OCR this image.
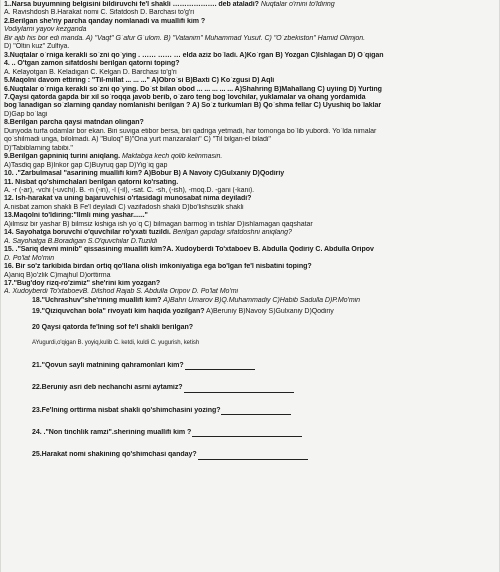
1..Narsa buyumning belgisini bildiruvchi fe'l shakli ………………. deb ataladi? Nuqtalar o'rnini to'ldiring
A. Ravishdosh B.Harakat nomi C. Sifatdosh D. Barchasi to'g'ri
2.Berilgan she'riy parcha qanday nomlanadi va muallifi kim ?
Vodiylarni yayov kezganda
Bir ajib his bor edi manda. A) "Vaqt" G`afur G`ulom. B) "Vatanim" Muhammad Yusuf. C) "O`zbekiston" Hamid Olimjon.
D) "Oltin kuz" Zulfiya.
3.Nuqtalar o`rniga kerakli so`zni qo`ying . …… …… … elda aziz bo`ladi. A)Ko`rgan B) Yozgan C)Ishlagan D) O`qigan
4. .. O'tgan zamon sifatdoshi berilgan qatorni toping?
A. Kelayotgan B. Keladigan C. Kelgan D. Barchasi to'g'ri
5.Maqolni davom ettiring : "Til-millat ... ... ..." A)Obro`si B)Baxti C) Ko`zgusi D) Aqli
6.Nuqtalar o`rniga kerakli so`zni qo`ying. Do`st bilan obod ... ... ... ... ... A)Shahring B)Mahallang C) uyiing D) Yurting
7.Qaysi qatorda gapda bir xil so`roqqa javob berib, o`zaro teng bog`lovchilar, yuklamalar va ohang yordamida
bog`lanadigan so`zlarning qanday nomlanishi berilgan ? A) So`z turkumlari B) Qo`shma fellar C) Uyushiq bo`laklar
D)Gap bo`lagi
8.Berilgan parcha qaysi matndan olingan?
Dunyoda turfa odamlar bor ekan. Biri suviga etibor bersa, biri qadriga yetmadi, har tomonga bo`lib yubordi. Yo`lda nimalar
qo`shilmadi unga, bilolmadi. A) "Buloq" B)"Ona yurt manzaralari" C) "Til bilgan-el biladi"
D)'Tabiblarning tabibi."
9.Berilgan gapniniq turini aniqlang. Maktabga kech qolib kelinmasin.
A)Tasdiq gap B)Inkor gap C)Buyruq gap D)Yig`iq gap
10. ."Zarbulmasal "asarining muallifi kim? A)Bobur B) A Navoiy C)Gulxaniy D)Qodiriy
11. Nisbat qo'shimchalari berilgan qatorni ko'rsating.
A. -r (-ar), -vchi (-uvchi). B. -n (-in), -l (-il), -sat. C. -sh, (-ish), -moq.D. -gani (-kani).
12. Ish-harakat va uning bajaruvchisi o'rtasidagi munosabat nima deyiladi?
A.nisbat zamon shakli B Fe'l deyiladi C) vazifadosh shakli D)bo'lishsizlik shakli
13.Maqolni to'ldiring:"Ilmli ming yashar......"
A)ilmsiz bir yashar B) bilmsiz kishiga ish yo`q C) bilmagan barmog`in tishlar D)ishlamagan qaqshatar
14. Sayohatga boruvchi o'quvchilar ro'yxati tuzildi. Berilgan gapdagi sifatdoshni aniqlang?
A. Sayohatga B.Boradigan S.O'quvchilar D.Tuzildi
15. ."Sariq devni minib" qissasining muallifi kim?A. Xudoyberdi To'xtaboev B. Abdulla Qodiriy C. Abdulla Oripov
D. Po'lat Mo'min
16. Bir so'z tarkibida birdan ortiq qo'llana olish imkoniyatiga ega bo'lgan fe'l nisbatini toping?
A)aniq B)o'zlik C)majhul D)orttirma
17."Bug'doy rizq-ro'zimiz" she'rini kim yozgan?
A. Xudoyberdi To'xtaboevB. Dilshod Rajab S. Abdulla Oripov D. Po'lat Mo'mi
18."Uchrashuv"she'rining muallifi kim? A)Bahri Umarov B)Q.Muhammadiy C)Habib Sadulla D)P.Mo'min
19."Qiziquvchan bola" rivoyati kim haqida yozilgan? A)Beruniy B)Navoiy S)Gulxaniy D)Qodiriy
20 Qaysi qatorda fe'lning sof fe'l shakli berilgan?
AYugurdi,o'qigan B. yoyiq,kulib C. ketdi, kuldi C. yugurish, ketish
21."Qovun sayli matnining qahramonlari kim?
22.Beruniy asri deb nechanchi asrni aytamiz?
23.Fe'lning orttirma nisbat shakli qo'shimchasini yozing?
24. ."Non tinchlik ramzi".sherining muallifi kim ?
25.Harakat nomi shakining qo'shimchasi qanday?
